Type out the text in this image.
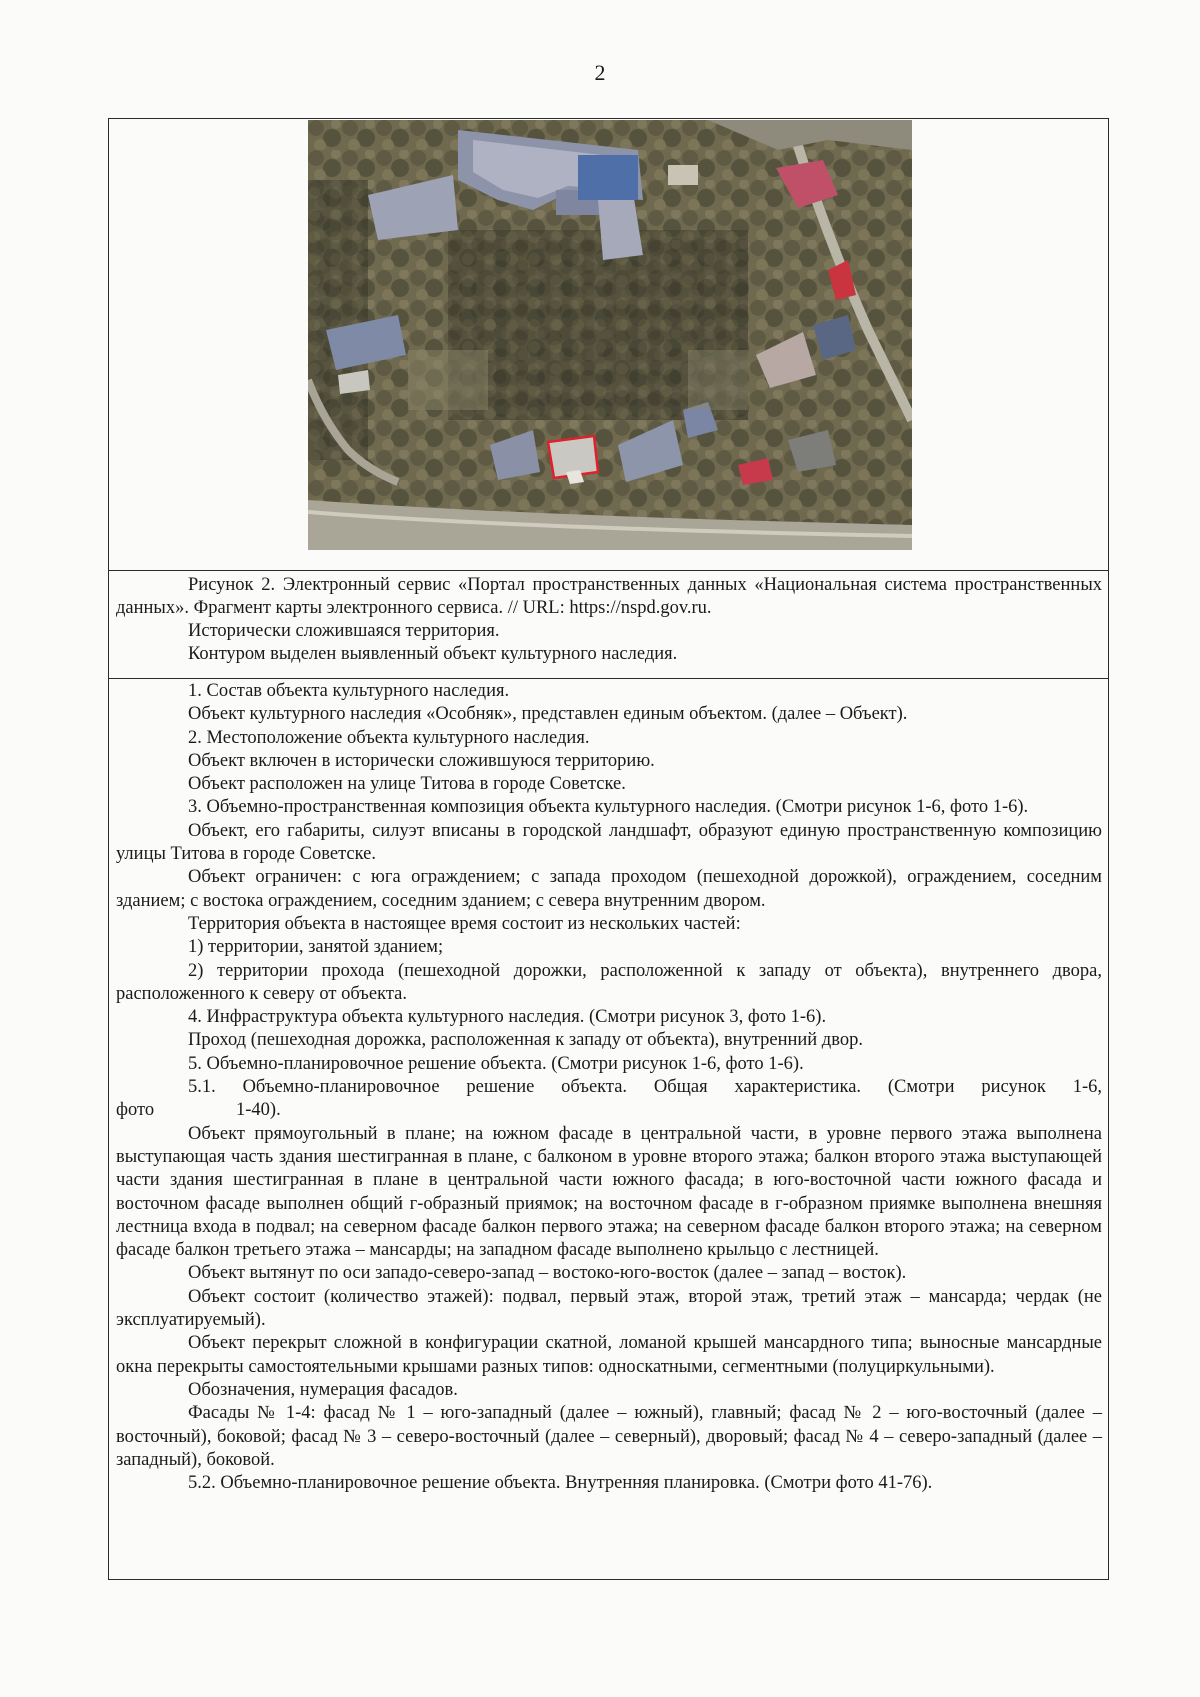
2

Рисунок 2. Электронный сервис «Портал пространственных данных «Национальная система пространственных данных». Фрагмент карты электронного сервиса. // URL: https://nspd.gov.ru.

Исторически сложившаяся территория.

Контуром выделен выявленный объект культурного наследия.

1. Состав объекта культурного наследия.

Объект культурного наследия «Особняк», представлен единым объектом. (далее – Объект).

2. Местоположение объекта культурного наследия.

Объект включен в исторически сложившуюся территорию.

Объект расположен на улице Титова в городе Советске.

3. Объемно-пространственная композиция объекта культурного наследия. (Смотри рисунок 1-6, фото 1-6).

Объект, его габариты, силуэт вписаны в городской ландшафт, образуют единую пространственную композицию улицы Титова в городе Советске.

Объект ограничен: с юга ограждением; с запада проходом (пешеходной дорожкой), ограждением, соседним зданием; с востока ограждением, соседним зданием; с севера внутренним двором.

Территория объекта в настоящее время состоит из нескольких частей:

1) территории, занятой зданием;

2) территории прохода (пешеходной дорожки, расположенной к западу от объекта), внутреннего двора, расположенного к северу от объекта.

4. Инфраструктура объекта культурного наследия. (Смотри рисунок 3, фото 1-6).

Проход (пешеходная дорожка, расположенная к западу от объекта), внутренний двор.

5. Объемно-планировочное решение объекта. (Смотри рисунок 1-6, фото 1-6).

5.1. Объемно-планировочное решение объекта. Общая характеристика. (Смотри рисунок 1-6,

фото	1-40).

Объект прямоугольный в плане; на южном фасаде в центральной части, в уровне первого этажа выполнена выступающая часть здания шестигранная в плане, с балконом в уровне второго этажа; балкон второго этажа выступающей части здания шестигранная в плане в центральной части южного фасада; в юго-восточной части южного фасада и восточном фасаде выполнен общий г-образный приямок; на восточном фасаде в г-образном приямке выполнена внешняя лестница входа в подвал; на северном фасаде балкон первого этажа; на северном фасаде балкон второго этажа; на северном фасаде балкон третьего этажа – мансарды; на западном фасаде выполнено крыльцо с лестницей.

Объект вытянут по оси западо-северо-запад – востоко-юго-восток (далее – запад – восток).

Объект состоит (количество этажей): подвал, первый этаж, второй этаж, третий этаж – мансарда; чердак (не эксплуатируемый).

Объект перекрыт сложной в конфигурации скатной, ломаной крышей мансардного типа; выносные мансардные окна перекрыты самостоятельными крышами разных типов: односкатными, сегментными (полуциркульными).

Обозначения, нумерация фасадов.

Фасады № 1-4: фасад № 1 – юго-западный (далее – южный), главный; фасад № 2 – юго-восточный (далее – восточный), боковой; фасад № 3 – северо-восточный (далее – северный), дворовый; фасад № 4 – северо-западный (далее – западный), боковой.

5.2. Объемно-планировочное решение объекта. Внутренняя планировка. (Смотри фото 41-76).
